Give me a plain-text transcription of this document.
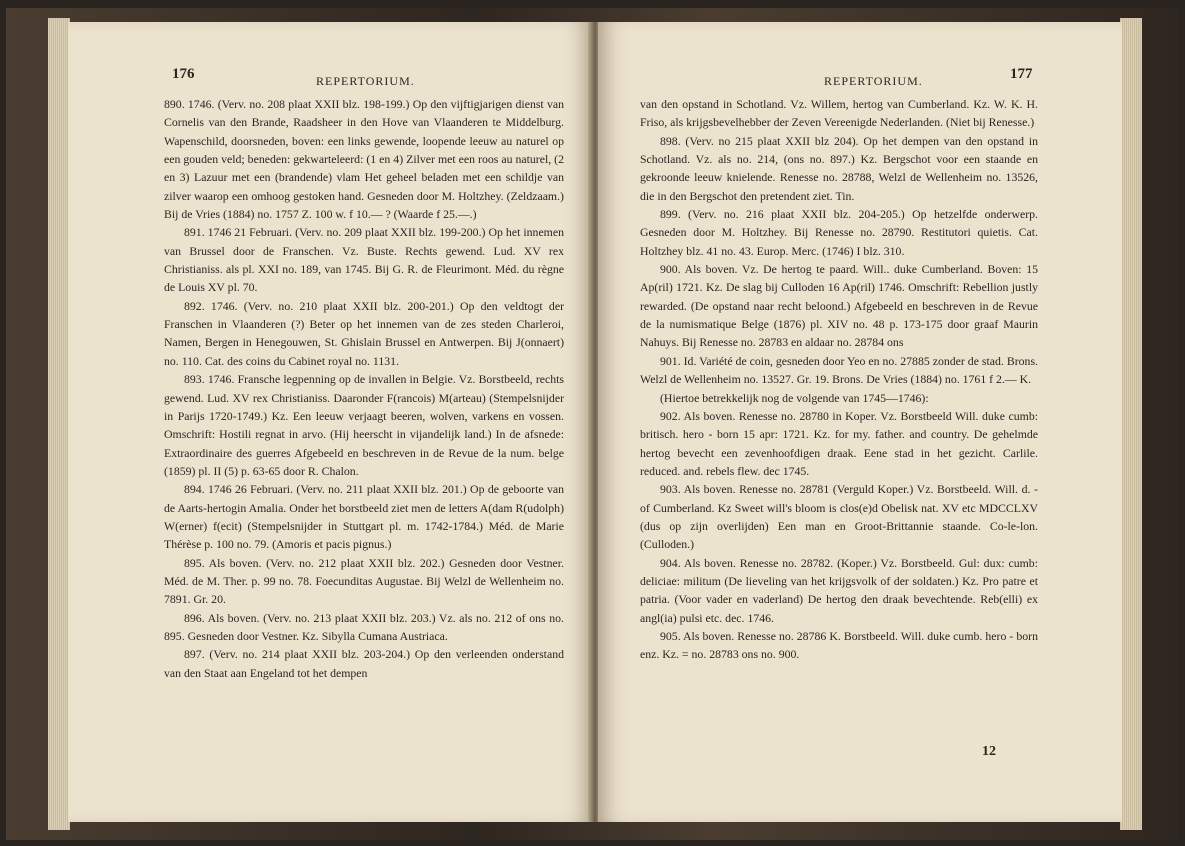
176	REPERTORIUM.

890. 1746. (Verv. no. 208 plaat XXII blz. 198-199.) Op den vijftigjarigen dienst van Cornelis van den Brande, Raadsheer in den Hove van Vlaanderen te Middelburg. Wapenschild, doorsneden, boven: een links gewende, loopende leeuw au naturel op een gouden veld; beneden: gekwarteleerd: (1 en 4) Zilver met een roos au naturel, (2 en 3) Lazuur met een (brandende) vlam Het geheel beladen met een schildje van zilver waarop een omhoog gestoken hand. Gesneden door M. Holtzhey. (Zeldzaam.) Bij de Vries (1884) no. 1757 Z. 100 w. f 10.— ? (Waarde f 25.—.)

891. 1746 21 Februari. (Verv. no. 209 plaat XXII blz. 199-200.) Op het innemen van Brussel door de Franschen. Vz. Buste. Rechts gewend. Lud. XV rex Christianiss. als pl. XXI no. 189, van 1745. Bij G. R. de Fleurimont. Méd. du règne de Louis XV pl. 70.

892. 1746. (Verv. no. 210 plaat XXII blz. 200-201.) Op den veldtogt der Franschen in Vlaanderen (?) Beter op het innemen van de zes steden Charleroi, Namen, Bergen in Henegouwen, St. Ghislain Brussel en Antwerpen. Bij J(onnaert) no. 110. Cat. des coins du Cabinet royal no. 1131.

893. 1746. Fransche legpenning op de invallen in Belgie. Vz. Borstbeeld, rechts gewend. Lud. XV rex Christianiss. Daaronder F(rancois) M(arteau) (Stempelsnijder in Parijs 1720-1749.) Kz. Een leeuw verjaagt beeren, wolven, varkens en vossen. Omschrift: Hostili regnat in arvo. (Hij heerscht in vijandelijk land.) In de afsnede: Extraordinaire des guerres Afgebeeld en beschreven in de Revue de la num. belge (1859) pl. II (5) p. 63-65 door R. Chalon.

894. 1746 26 Februari. (Verv. no. 211 plaat XXII blz. 201.) Op de geboorte van de Aarts-hertogin Amalia. Onder het borstbeeld ziet men de letters A(dam R(udolph) W(erner) f(ecit) (Stempelsnijder in Stuttgart pl. m. 1742-1784.) Méd. de Marie Thérèse p. 100 no. 79. (Amoris et pacis pignus.)

895. Als boven. (Verv. no. 212 plaat XXII blz. 202.) Gesneden door Vestner. Méd. de M. Ther. p. 99 no. 78. Foecunditas Augustae. Bij Welzl de Wellenheim no. 7891. Gr. 20.

896. Als boven. (Verv. no. 213 plaat XXII blz. 203.) Vz. als no. 212 of ons no. 895. Gesneden door Vestner. Kz. Sibylla Cumana Austriaca.

897. (Verv. no. 214 plaat XXII blz. 203-204.) Op den verleenden onderstand van den Staat aan Engeland tot het dempen

REPERTORIUM.	177

van den opstand in Schotland. Vz. Willem, hertog van Cumberland. Kz. W. K. H. Friso, als krijgsbevelhebber der Zeven Vereenigde Nederlanden. (Niet bij Renesse.)

898. (Verv. no 215 plaat XXII blz 204). Op het dempen van den opstand in Schotland. Vz. als no. 214, (ons no. 897.) Kz. Bergschot voor een staande en gekroonde leeuw knielende. Renesse no. 28788, Welzl de Wellenheim no. 13526, die in den Bergschot den pretendent ziet. Tin.

899. (Verv. no. 216 plaat XXII blz. 204-205.) Op hetzelfde onderwerp. Gesneden door M. Holtzhey. Bij Renesse no. 28790. Restitutori quietis. Cat. Holtzhey blz. 41 no. 43. Europ. Merc. (1746) I blz. 310.

900. Als boven. Vz. De hertog te paard. Will.. duke Cumberland. Boven: 15 Ap(ril) 1721. Kz. De slag bij Culloden 16 Ap(ril) 1746. Omschrift: Rebellion justly rewarded. (De opstand naar recht beloond.) Afgebeeld en beschreven in de Revue de la numismatique Belge (1876) pl. XIV no. 48 p. 173-175 door graaf Maurin Nahuys. Bij Renesse no. 28783 en aldaar no. 28784 ons

901. Id. Variété de coin, gesneden door Yeo en no. 27885 zonder de stad. Brons. Welzl de Wellenheim no. 13527. Gr. 19. Brons. De Vries (1884) no. 1761 f 2.— K.

(Hiertoe betrekkelijk nog de volgende van 1745—1746):

902. Als boven. Renesse no. 28780 in Koper. Vz. Borstbeeld Will. duke cumb: britisch. hero - born 15 apr: 1721. Kz. for my. father. and country. De gehelmde hertog bevecht een zevenhoofdigen draak. Eene stad in het gezicht. Carlile. reduced. and. rebels flew. dec 1745.

903. Als boven. Renesse no. 28781 (Verguld Koper.) Vz. Borstbeeld. Will. d. - of Cumberland. Kz Sweet will's bloom is clos(e)d Obelisk nat. XV etc MDCCLXV (dus op zijn overlijden) Een man en Groot-Brittannie staande. Co-le-lon. (Culloden.)

904. Als boven. Renesse no. 28782. (Koper.) Vz. Borstbeeld. Gul: dux: cumb: deliciae: militum (De lieveling van het krijgsvolk of der soldaten.) Kz. Pro patre et patria. (Voor vader en vaderland) De hertog den draak bevechtende. Reb(elli) ex angl(ia) pulsi etc. dec. 1746.

905. Als boven. Renesse no. 28786 K. Borstbeeld. Will. duke cumb. hero - born enz. Kz. = no. 28783 ons no. 900.

12
